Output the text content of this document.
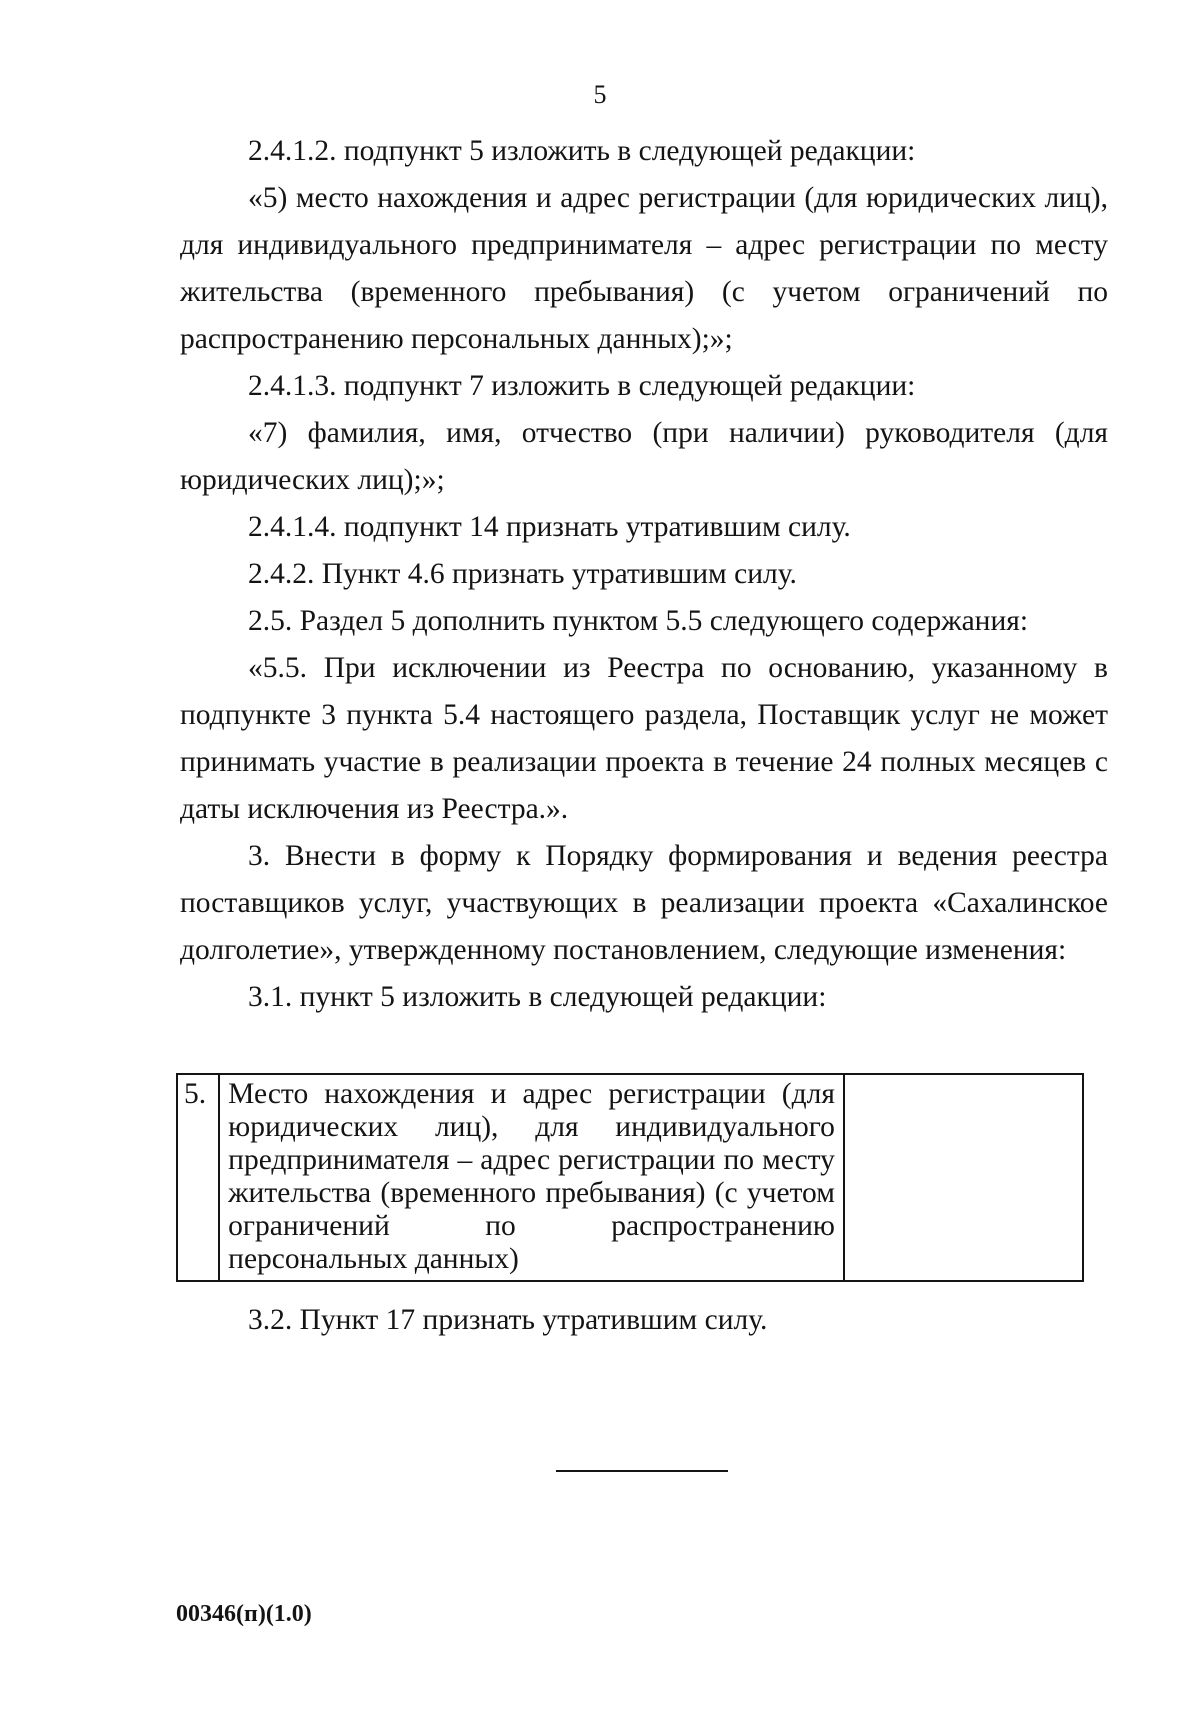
5

2.4.1.2. подпункт 5 изложить в следующей редакции:

«5) место нахождения и адрес регистрации (для юридических лиц), для индивидуального предпринимателя – адрес регистрации по месту жительства (временного пребывания) (с учетом ограничений по распространению персональных данных);»;

2.4.1.3. подпункт 7 изложить в следующей редакции:

«7) фамилия, имя, отчество (при наличии) руководителя (для юридических лиц);»;

2.4.1.4. подпункт 14 признать утратившим силу.

2.4.2. Пункт 4.6 признать утратившим силу.

2.5. Раздел 5 дополнить пунктом 5.5 следующего содержания:

«5.5. При исключении из Реестра по основанию, указанному в подпункте 3 пункта 5.4 настоящего раздела, Поставщик услуг не может принимать участие в реализации проекта в течение 24 полных месяцев с даты исключения из Реестра.».

3. Внести в форму к Порядку формирования и ведения реестра поставщиков услуг, участвующих в реализации проекта «Сахалинское долголетие», утвержденному постановлением, следующие изменения:

3.1. пункт 5 изложить в следующей редакции:

5.	Место нахождения и адрес регистрации (для юридических лиц), для индивидуального предпринимателя – адрес регистрации по месту жительства (временного пребывания) (с учетом ограничений по распространению персональных данных)	
3.2. Пункт 17 признать утратившим силу.
00346(п)(1.0)
